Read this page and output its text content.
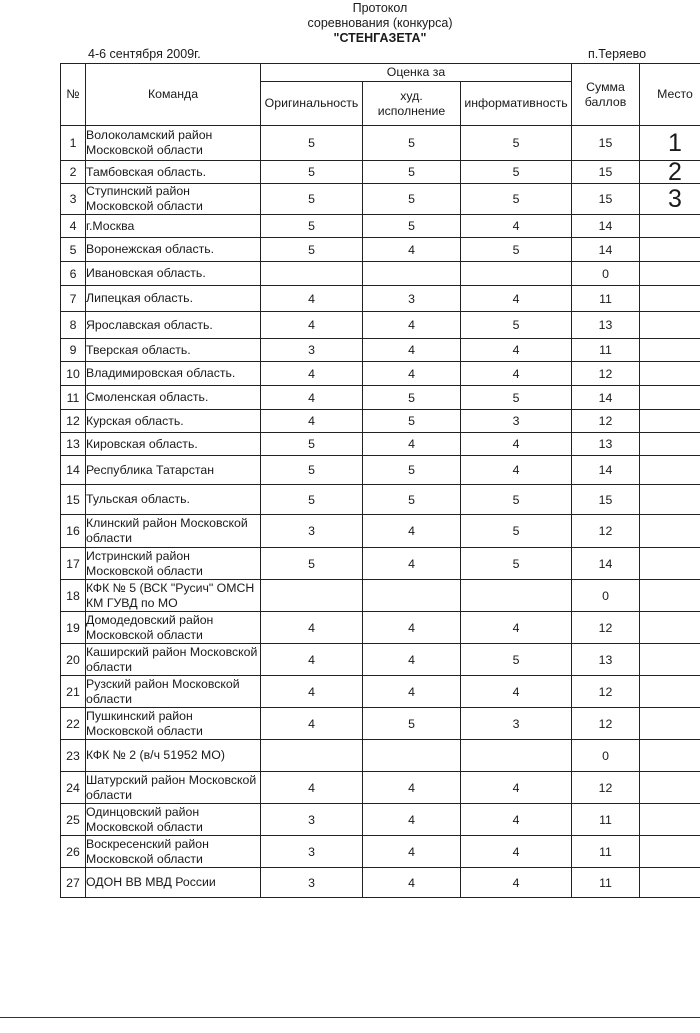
Протокол
соревнования (конкурса)
"СТЕНГАЗЕТА"
4-6 сентября 2009г.	п.Теряево
№	Команда	Оценка за			Сумма баллов	Место
		Оригинальность	худ. исполнение	информативность		
1	Волоколамский район Московской области	5	5	5	15	1
2	Тамбовская область.	5	5	5	15	2
3	Ступинский район Московской области	5	5	5	15	3
4	г.Москва	5	5	4	14	
5	Воронежская область.	5	4	5	14	
6	Ивановская область.				0	
7	Липецкая область.	4	3	4	11	
8	Ярославская область.	4	4	5	13	
9	Тверская область.	3	4	4	11	
10	Владимировская область.	4	4	4	12	
11	Смоленская область.	4	5	5	14	
12	Курская область.	4	5	3	12	
13	Кировская область.	5	4	4	13	
14	Республика Татарстан	5	5	4	14	
15	Тульская область.	5	5	5	15	
16	Клинский район Московской области	3	4	5	12	
17	Истринский район Московской области	5	4	5	14	
18	КФК № 5 (ВСК "Русич" ОМСН КМ ГУВД по МО				0	
19	Домодедовский район Московской области	4	4	4	12	
20	Каширский район Московской области	4	4	5	13	
21	Рузский район Московской области	4	4	4	12	
22	Пушкинский район Московской области	4	5	3	12	
23	КФК № 2 (в/ч 51952 МО)				0	
24	Шатурский район Московской области	4	4	4	12	
25	Одинцовский район Московской области	3	4	4	11	
26	Воскресенский район Московской области	3	4	4	11	
27	ОДОН ВВ МВД России	3	4	4	11	
